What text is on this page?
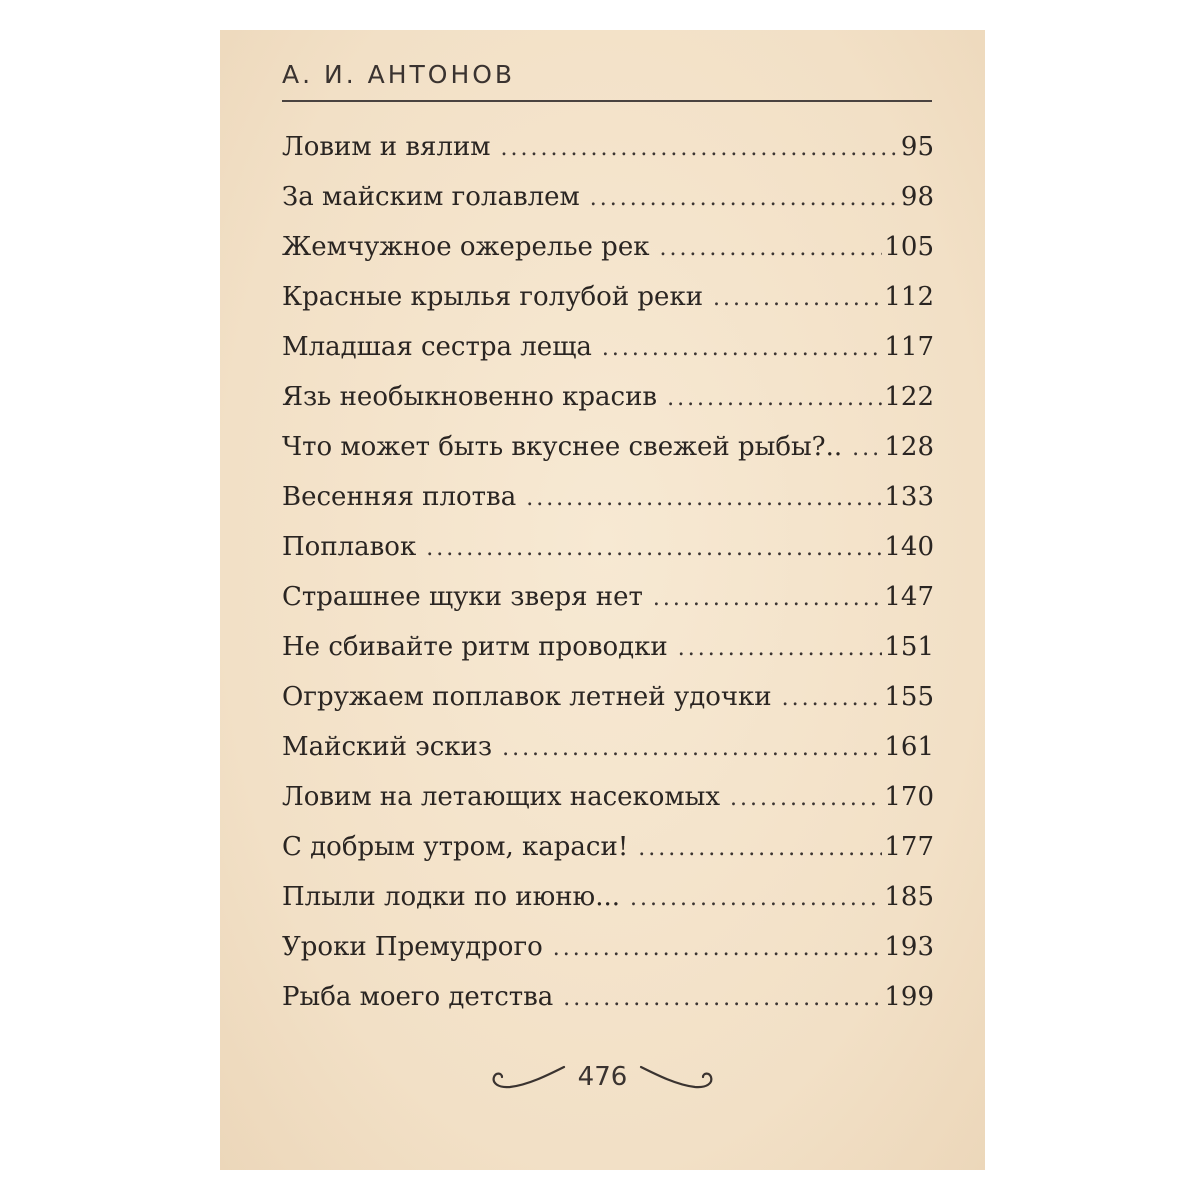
А. И. АНТОНОВ
Ловим и вялим .....	95
За майским голавлем .....	98
Жемчужное ожерелье рек .....	105
Красные крылья голубой реки .....	112
Младшая сестра леща .....	117
Язь необыкновенно красив .....	122
Что может быть вкуснее свежей рыбы?.. .....	128
Весенняя плотва .....	133
Поплавок .....	140
Страшнее щуки зверя нет .....	147
Не сбивайте ритм проводки .....	151
Огружаем поплавок летней удочки .....	155
Майский эскиз .....	161
Ловим на летающих насекомых .....	170
С добрым утром, караси! .....	177
Плыли лодки по июню... .....	185
Уроки Премудрого .....	193
Рыба моего детства .....	199
476
